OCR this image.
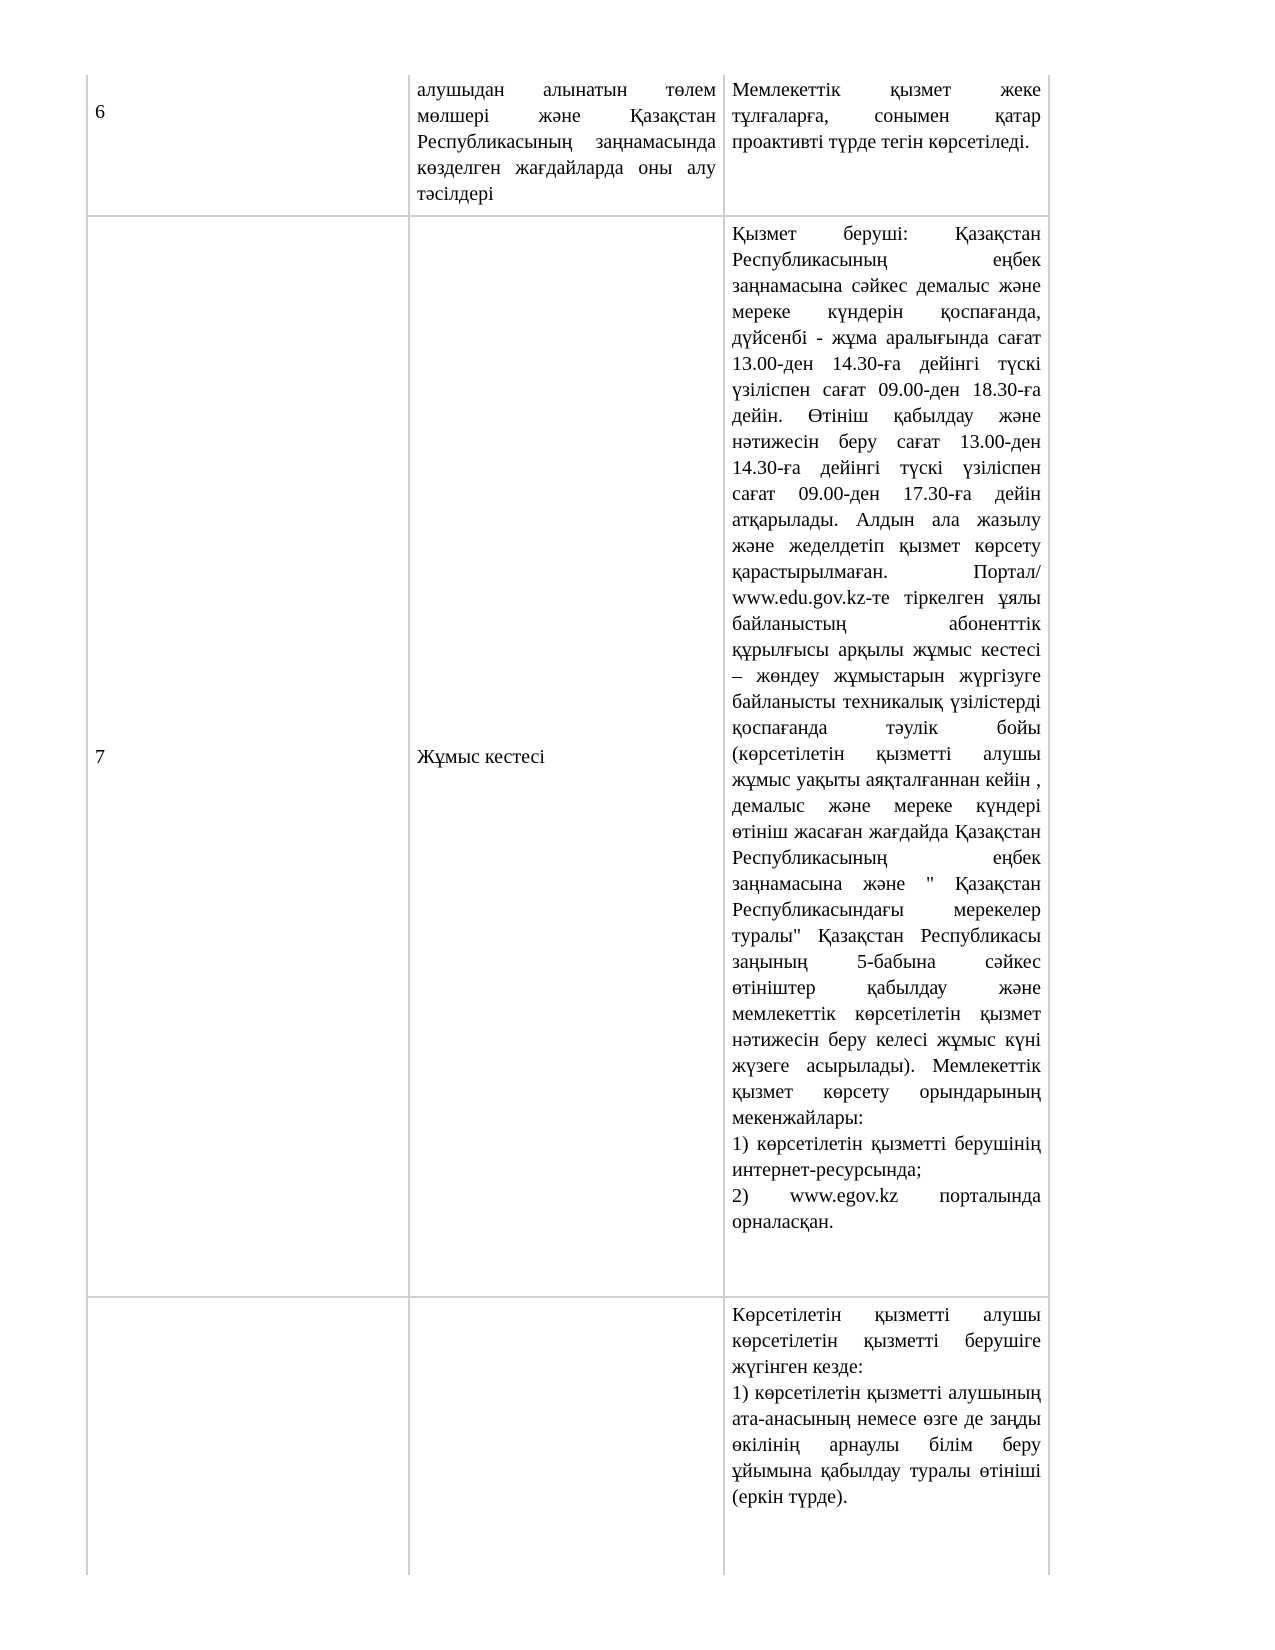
6	алушыдан алынатын төлем мөлшері және Қазақстан Республикасының заңнамасында көзделген жағдайларда оны алу тәсілдері	Мемлекеттік қызмет жеке тұлғаларға, сонымен қатар проактивті түрде тегін көрсетіледі.

7	Жұмыс кестесі	Қызмет беруші: Қазақстан Республикасының еңбек заңнамасына сәйкес демалыс және мереке күндерін қоспағанда, дүйсенбі - жұма аралығында сағат 13.00-ден 14.30-ға дейінгі түскі үзіліспен сағат 09.00-ден 18.30-ға дейін. Өтініш қабылдау және нәтижесін беру сағат 13.00-ден 14.30-ға дейінгі түскі үзіліспен сағат 09.00-ден 17.30-ға дейін атқарылады. Алдын ала жазылу және жеделдетіп қызмет көрсету қарастырылмаған. Портал/ www.edu.gov.kz-те тіркелген ұялы байланыстың абоненттік құрылғысы арқылы жұмыс кестесі – жөндеу жұмыстарын жүргізуге байланысты техникалық үзілістерді қоспағанда тәулік бойы (көрсетілетін қызметті алушы жұмыс уақыты аяқталғаннан кейін , демалыс және мереке күндері өтініш жасаған жағдайда Қазақстан Республикасының еңбек заңнамасына және " Қазақстан Республикасындағы мерекелер туралы" Қазақстан Республикасы заңының 5-бабына сәйкес өтініштер қабылдау және мемлекеттік көрсетілетін қызмет нәтижесін беру келесі жұмыс күні жүзеге асырылады). Мемлекеттік қызмет көрсету орындарының мекенжайлары:

1) көрсетілетін қызметті берушінің интернет-ресурсында;

2) www.egov.kz порталында орналасқан.

		Көрсетілетін қызметті алушы көрсетілетін қызметті берушіге жүгінген кезде:

1) көрсетілетін қызметті алушының ата-анасының немесе өзге де заңды өкілінің арнаулы білім беру ұйымына қабылдау туралы өтініші (еркін түрде).
